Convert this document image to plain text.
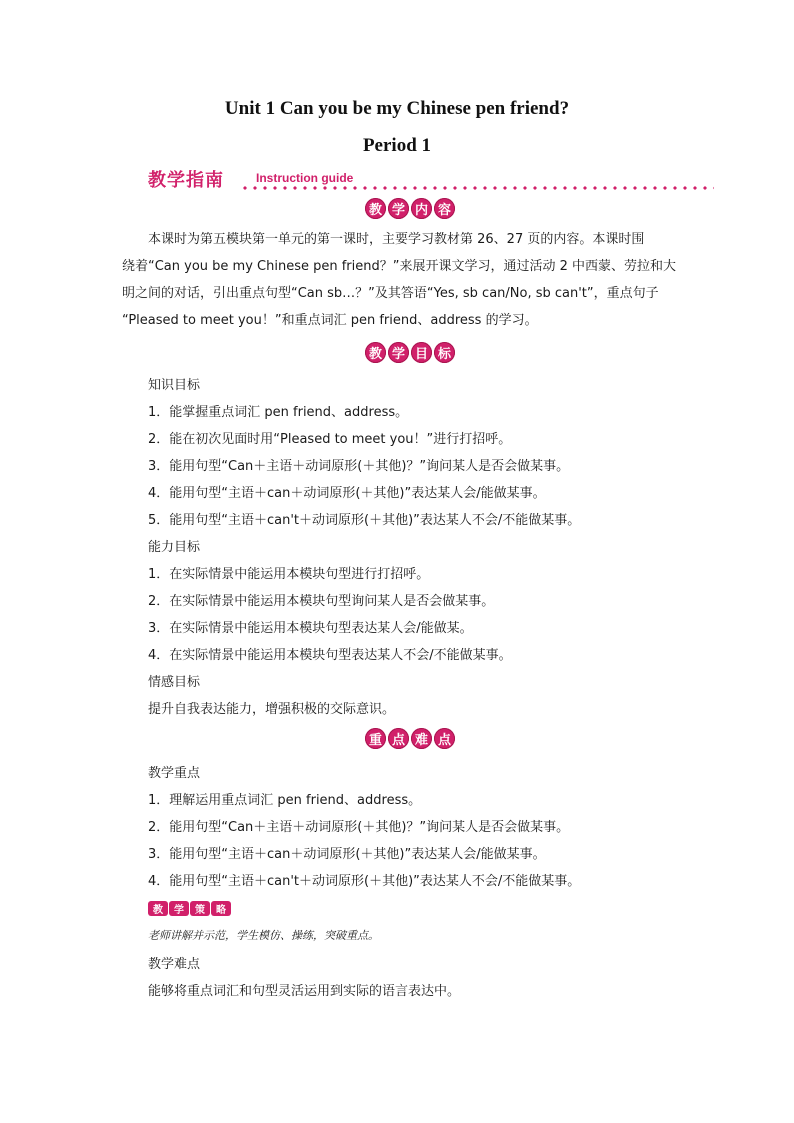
Unit 1 Can you be my Chinese pen friend?
Period 1
教学指南	Instruction guide
教 学 内 容
本课时为第五模块第一单元的第一课时，主要学习教材第 26、27 页的内容。本课时围
绕着“Can you be my Chinese pen friend？”来展开课文学习，通过活动 2 中西蒙、劳拉和大
明之间的对话，引出重点句型“Can sb…？”及其答语“Yes, sb can/No, sb can't”，重点句子
“Pleased to meet you！”和重点词汇 pen friend、address 的学习。
教 学 目 标
知识目标
1．能掌握重点词汇 pen friend、address。
2．能在初次见面时用“Pleased to meet you！”进行打招呼。
3．能用句型“Can＋主语＋动词原形(＋其他)？”询问某人是否会做某事。
4．能用句型“主语＋can＋动词原形(＋其他)”表达某人会/能做某事。
5．能用句型“主语＋can't＋动词原形(＋其他)”表达某人不会/不能做某事。
能力目标
1．在实际情景中能运用本模块句型进行打招呼。
2．在实际情景中能运用本模块句型询问某人是否会做某事。
3．在实际情景中能运用本模块句型表达某人会/能做某。
4．在实际情景中能运用本模块句型表达某人不会/不能做某事。
情感目标
提升自我表达能力，增强积极的交际意识。
重 点 难 点
教学重点
1．理解运用重点词汇 pen friend、address。
2．能用句型“Can＋主语＋动词原形(＋其他)？”询问某人是否会做某事。
3．能用句型“主语＋can＋动词原形(＋其他)”表达某人会/能做某事。
4．能用句型“主语＋can't＋动词原形(＋其他)”表达某人不会/不能做某事。
教	学	策	略
老师讲解并示范，学生模仿、操练，突破重点。
教学难点
能够将重点词汇和句型灵活运用到实际的语言表达中。
